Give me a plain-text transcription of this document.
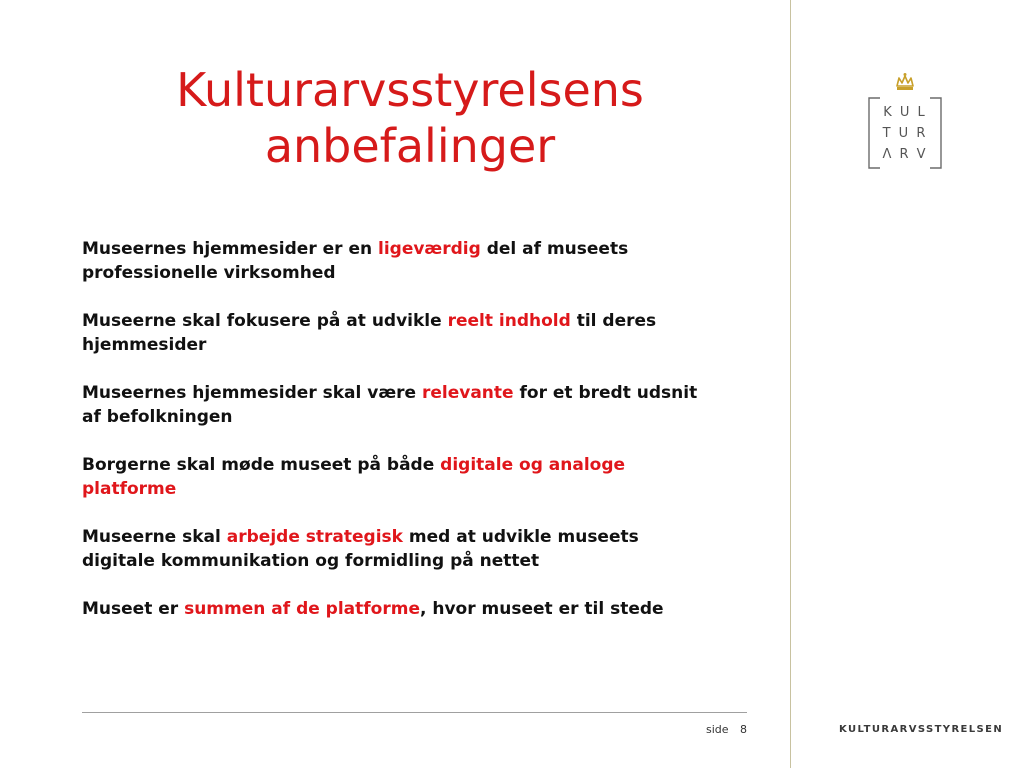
Kulturarvsstyrelsens
anbefalinger

Museernes hjemmesider er en ligeværdig del af museets professionelle virksomhed

Museerne skal fokusere på at udvikle reelt indhold til deres hjemmesider

Museernes hjemmesider skal være relevante for et bredt udsnit af befolkningen

Borgerne skal møde museet på både digitale og analoge platforme

Museerne skal arbejde strategisk med at udvikle museets digitale kommunikation og formidling på nettet

Museet er summen af de platforme, hvor museet er til stede

side 8	KULTURARVSSTYRELSEN
K U L
T U R
Λ R V
